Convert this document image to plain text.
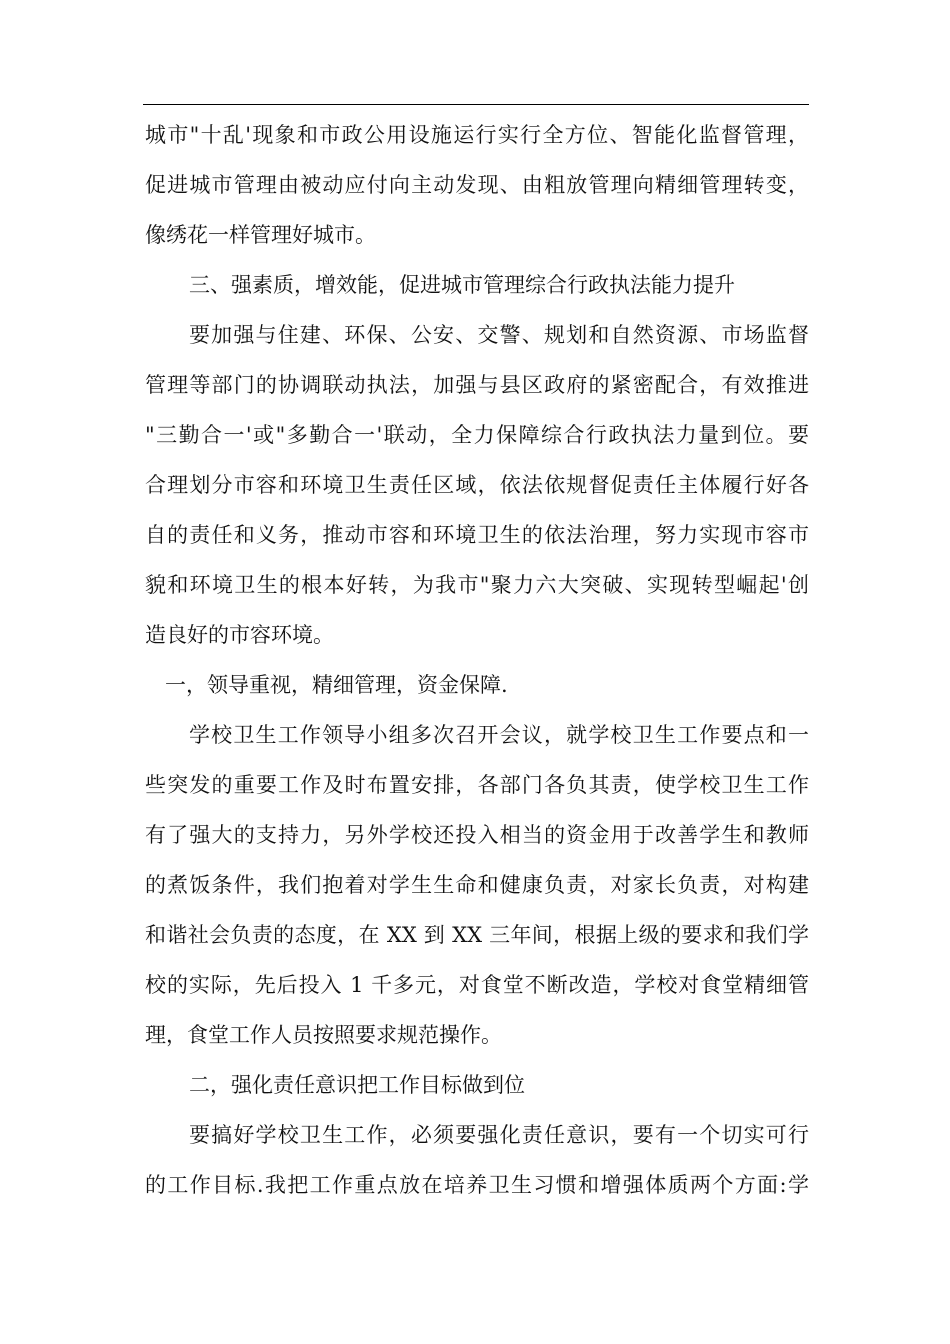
城市"十乱'现象和市政公用设施运行实行全方位、智能化监督管理，
促进城市管理由被动应付向主动发现、由粗放管理向精细管理转变，
像绣花一样管理好城市。
三、强素质，增效能，促进城市管理综合行政执法能力提升
要加强与住建、环保、公安、交警、规划和自然资源、市场监督
管理等部门的协调联动执法，加强与县区政府的紧密配合，有效推进
"三勤合一'或"多勤合一'联动，全力保障综合行政执法力量到位。要
合理划分市容和环境卫生责任区域，依法依规督促责任主体履行好各
自的责任和义务，推动市容和环境卫生的依法治理，努力实现市容市
貌和环境卫生的根本好转，为我市"聚力六大突破、实现转型崛起'创
造良好的市容环境。
一，领导重视，精细管理，资金保障.
学校卫生工作领导小组多次召开会议，就学校卫生工作要点和一
些突发的重要工作及时布置安排，各部门各负其责，使学校卫生工作
有了强大的支持力，另外学校还投入相当的资金用于改善学生和教师
的煮饭条件，我们抱着对学生生命和健康负责，对家长负责，对构建
和谐社会负责的态度，在 XX 到 XX 三年间，根据上级的要求和我们学
校的实际，先后投入 1 千多元，对食堂不断改造，学校对食堂精细管
理，食堂工作人员按照要求规范操作。
二，强化责任意识把工作目标做到位
要搞好学校卫生工作，必须要强化责任意识，要有一个切实可行
的工作目标.我把工作重点放在培养卫生习惯和增强体质两个方面:学
